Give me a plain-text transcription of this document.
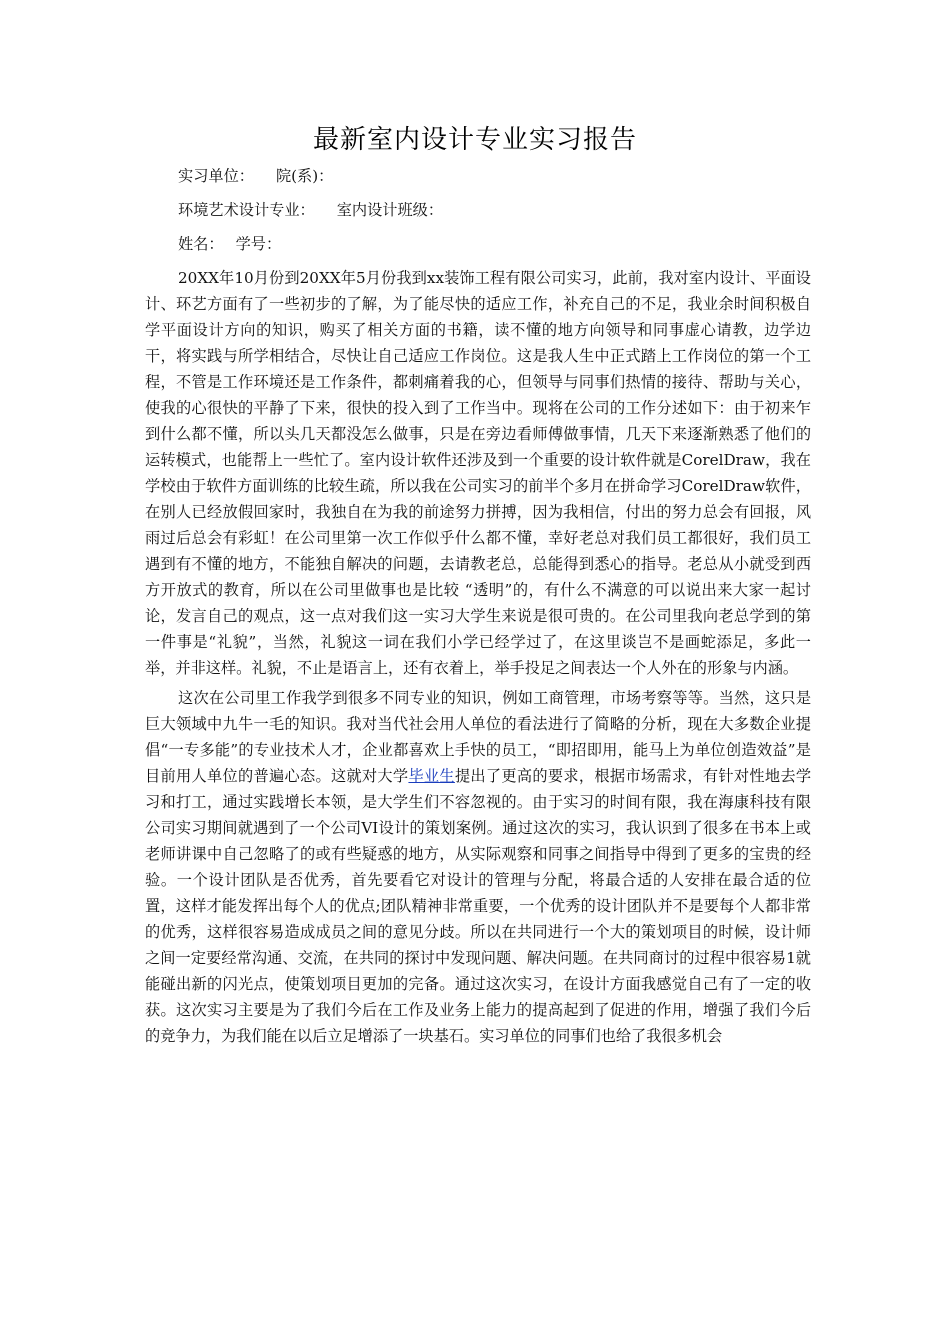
最新室内设计专业实习报告
实习单位： 院(系)：
环境艺术设计专业： 室内设计班级：
姓名： 学号：

20XX年10月份到20XX年5月份我到xx装饰工程有限公司实习，此前，我对室内设计、平面设计、环艺方面有了一些初步的了解，为了能尽快的适应工作，补充自己的不足，我业余时间积极自学平面设计方向的知识，购买了相关方面的书籍，读不懂的地方向领导和同事虚心请教，边学边干，将实践与所学相结合，尽快让自己适应工作岗位。这是我人生中正式踏上工作岗位的第一个工程，不管是工作环境还是工作条件，都刺痛着我的心，但领导与同事们热情的接待、帮助与关心，使我的心很快的平静了下来，很快的投入到了工作当中。现将在公司的工作分述如下：由于初来乍到什么都不懂，所以头几天都没怎么做事，只是在旁边看师傅做事情，几天下来逐渐熟悉了他们的运转模式，也能帮上一些忙了。室内设计软件还涉及到一个重要的设计软件就是CorelDraw，我在学校由于软件方面训练的比较生疏，所以我在公司实习的前半个多月在拼命学习CorelDraw软件，在别人已经放假回家时，我独自在为我的前途努力拼搏，因为我相信，付出的努力总会有回报，风雨过后总会有彩虹！在公司里第一次工作似乎什么都不懂，幸好老总对我们员工都很好，我们员工遇到有不懂的地方，不能独自解决的问题，去请教老总，总能得到悉心的指导。老总从小就受到西方开放式的教育，所以在公司里做事也是比较 “透明”的，有什么不满意的可以说出来大家一起讨论，发言自己的观点，这一点对我们这一实习大学生来说是很可贵的。在公司里我向老总学到的第一件事是“礼貌”，当然，礼貌这一词在我们小学已经学过了，在这里谈岂不是画蛇添足，多此一举，并非这样。礼貌，不止是语言上，还有衣着上，举手投足之间表达一个人外在的形象与内涵。

这次在公司里工作我学到很多不同专业的知识，例如工商管理，市场考察等等。当然，这只是巨大领域中九牛一毛的知识。我对当代社会用人单位的看法进行了简略的分析，现在大多数企业提倡“一专多能”的专业技术人才，企业都喜欢上手快的员工，“即招即用，能马上为单位创造效益”是目前用人单位的普遍心态。这就对大学毕业生提出了更高的要求，根据市场需求，有针对性地去学习和打工，通过实践增长本领，是大学生们不容忽视的。由于实习的时间有限，我在海康科技有限公司实习期间就遇到了一个公司VI设计的策划案例。通过这次的实习，我认识到了很多在书本上或老师讲课中自己忽略了的或有些疑惑的地方，从实际观察和同事之间指导中得到了更多的宝贵的经验。一个设计团队是否优秀，首先要看它对设计的管理与分配，将最合适的人安排在最合适的位置，这样才能发挥出每个人的优点;团队精神非常重要，一个优秀的设计团队并不是要每个人都非常的优秀，这样很容易造成成员之间的意见分歧。所以在共同进行一个大的策划项目的时候，设计师之间一定要经常沟通、交流，在共同的探讨中发现问题、解决问题。在共同商讨的过程中很容易1就能碰出新的闪光点，使策划项目更加的完备。通过这次实习，在设计方面我感觉自己有了一定的收获。这次实习主要是为了我们今后在工作及业务上能力的提高起到了促进的作用，增强了我们今后的竞争力，为我们能在以后立足增添了一块基石。实习单位的同事们也给了我很多机会
